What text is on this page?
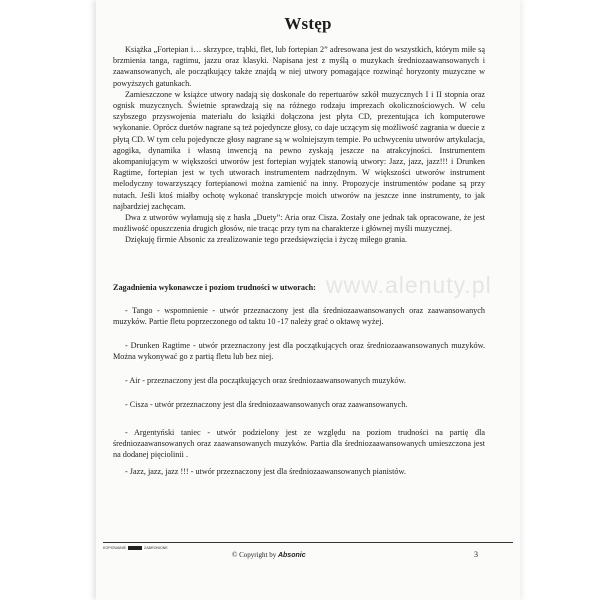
Wstęp

Książka „Fortepian i… skrzypce, trąbki, flet, lub fortepian 2” adresowana jest do wszystkich, którym miłe są brzmienia tanga, ragtimu, jazzu oraz klasyki. Napisana jest z myślą o muzykach średniozaawansowanych i zaawansowanych, ale początkujący także znajdą w niej utwory pomagające rozwinąć horyzonty muzyczne w powyższych gatunkach.

Zamieszczone w książce utwory nadają się doskonale do repertuarów szkół muzycznych I i II stopnia oraz ognisk muzycznych. Świetnie sprawdzają się na różnego rodzaju imprezach okolicznościowych. W celu szybszego przyswojenia materiału do książki dołączona jest płyta CD, prezentująca ich komputerowe wykonanie. Oprócz duetów nagrane są też pojedyncze głosy, co daje uczącym się możliwość zagrania w duecie z płytą CD. W tym celu pojedyncze głosy nagrane są w wolniejszym tempie. Po uchwyceniu utworów artykulacja, agogika, dynamika i własną inwencją na pewno zyskają jeszcze na atrakcyjności. Instrumentem akompaniującym w większości utworów jest fortepian wyjątek stanowią utwory: Jazz, jazz, jazz!!! i Drunken Ragtime, fortepian jest w tych utworach instrumentem nadrzędnym. W większości utworów instrument melodyczny towarzyszący fortepianowi można zamienić na inny. Propozycje instrumentów podane są przy nutach. Jeśli ktoś miałby ochotę wykonać transkrypcje moich utworów na jeszcze inne instrumenty, to jak najbardziej zachęcam.

Dwa z utworów wyłamują się z hasła „Duety”: Aria oraz Cisza. Zostały one jednak tak opracowane, że jest możliwość opuszczenia drugich głosów, nie tracąc przy tym na charakterze i głównej myśli muzycznej.

Dziękuję firmie Absonic za zrealizowanie tego przedsięwzięcia i życzę miłego grania.

Zagadnienia wykonawcze i poziom trudności w utworach:

- Tango - wspomnienie - utwór przeznaczony jest dla średniozaawansowanych oraz zaawansowanych muzyków. Partie fletu poprzeczonego od taktu 10 -17 należy grać o oktawę wyżej.

- Drunken Ragtime - utwór przeznaczony jest dla początkujących oraz średniozaawansowanych muzyków. Można wykonywać go z partią fletu lub bez niej.

- Air - przeznaczony jest dla początkujących oraz średniozaawansowanych muzyków.

- Cisza - utwór przeznaczony jest dla średniozaawansowanych oraz zaawansowanych.

- Argentyński taniec - utwór podzielony jest ze względu na poziom trudności na partię dla średniozaawansowanych oraz zaawansowanych muzyków. Partia dla średniozaawansowanych umieszczona jest na dodanej pięciolinii .

- Jazz, jazz, jazz !!! - utwór przeznaczony jest dla średniozaawansowanych pianistów.

www.alenuty.pl
KOPIOWANIE	ZABRONIONE
© Copyright by Absonic	3
